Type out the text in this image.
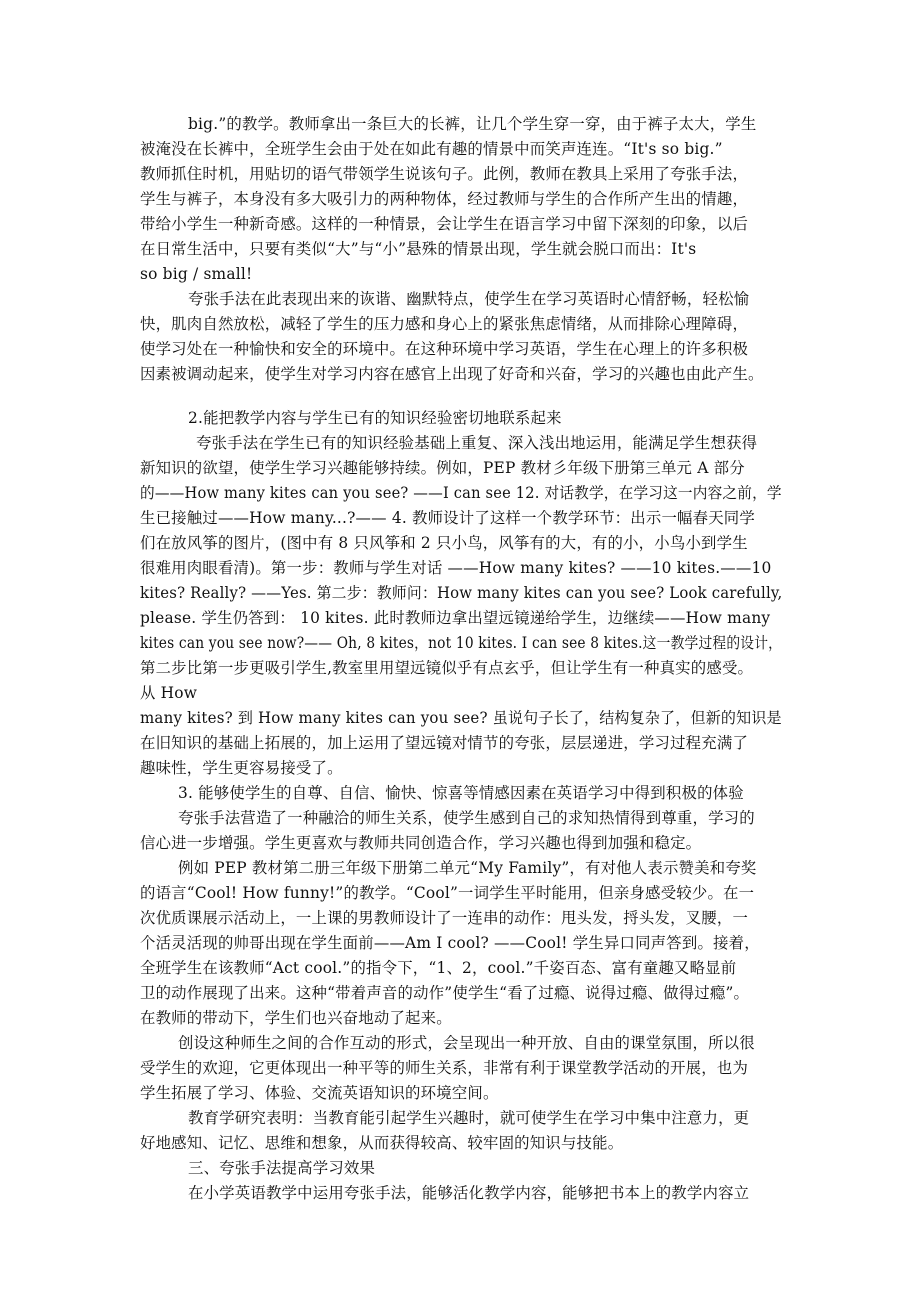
big.”的教学。教师拿出一条巨大的长裤，让几个学生穿一穿，由于裤子太大，学生
被淹没在长裤中，全班学生会由于处在如此有趣的情景中而笑声连连。“It's so big.”
教师抓住时机，用贴切的语气带领学生说该句子。此例，教师在教具上采用了夸张手法，
学生与裤子，本身没有多大吸引力的两种物体，经过教师与学生的合作所产生出的情趣，
带给小学生一种新奇感。这样的一种情景，会让学生在语言学习中留下深刻的印象，以后
在日常生活中，只要有类似“大”与“小”悬殊的情景出现，学生就会脱口而出：It's
so big / small!
夸张手法在此表现出来的诙谐、幽默特点，使学生在学习英语时心情舒畅，轻松愉
快，肌肉自然放松，减轻了学生的压力感和身心上的紧张焦虑情绪，从而排除心理障碍，
使学习处在一种愉快和安全的环境中。在这种环境中学习英语，学生在心理上的许多积极
因素被调动起来，使学生对学习内容在感官上出现了好奇和兴奋，学习的兴趣也由此产生。
2.能把教学内容与学生已有的知识经验密切地联系起来
夸张手法在学生已有的知识经验基础上重复、深入浅出地运用，能满足学生想获得
新知识的欲望，使学生学习兴趣能够持续。例如，PEP 教材彡年级下册第三单元 A 部分
的——How many kites can you see? ——I can see 12. 对话教学，在学习这一内容之前，学
生已接触过——How many...?—— 4. 教师设计了这样一个教学环节：出示一幅春天同学
们在放风筝的图片，(图中有 8 只风筝和 2 只小鸟，风筝有的大，有的小，小鸟小到学生
很难用肉眼看清)。第一步：教师与学生对话 ——How many kites? ——10 kites.——10
kites? Really? ——Yes. 第二步：教师问：How many kites can you see? Look carefully,
please. 学生仍答到： 10 kites. 此时教师边拿出望远镜递给学生，边继续——How many
kites can you see now?—— Oh, 8 kites，not 10 kites. I can see 8 kites.这一教学过程的设计，
第二步比第一步更吸引学生,教室里用望远镜似乎有点玄乎，但让学生有一种真实的感受。
从 How
many kites? 到 How many kites can you see? 虽说句子长了，结构复杂了，但新的知识是
在旧知识的基础上拓展的，加上运用了望远镜对情节的夸张，层层递进，学习过程充满了
趣味性，学生更容易接受了。
3. 能够使学生的自尊、自信、愉快、惊喜等情感因素在英语学习中得到积极的体验
夸张手法营造了一种融洽的师生关系，使学生感到自己的求知热情得到尊重，学习的
信心进一步增强。学生更喜欢与教师共同创造合作，学习兴趣也得到加强和稳定。
例如 PEP 教材第二册三年级下册第二单元“My Family”，有对他人表示赞美和夸奖
的语言“Cool! How funny!”的教学。“Cool”一词学生平时能用，但亲身感受较少。在一
次优质课展示活动上，一上课的男教师设计了一连串的动作：甩头发，捋头发，叉腰，一
个活灵活现的帅哥出现在学生面前——Am I cool? ——Cool! 学生异口同声答到。接着，
全班学生在该教师“Act cool.”的指令下，“1、2，cool.”千姿百态、富有童趣又略显前
卫的动作展现了出来。这种“带着声音的动作”使学生“看了过瘾、说得过瘾、做得过瘾”。
在教师的带动下，学生们也兴奋地动了起来。
创设这种师生之间的合作互动的形式，会呈现出一种开放、自由的课堂氛围，所以很
受学生的欢迎，它更体现出一种平等的师生关系，非常有利于课堂教学活动的开展，也为
学生拓展了学习、体验、交流英语知识的环境空间。
教育学研究表明：当教育能引起学生兴趣时，就可使学生在学习中集中注意力，更
好地感知、记忆、思维和想象，从而获得较高、较牢固的知识与技能。
三、夸张手法提高学习效果
在小学英语教学中运用夸张手法，能够活化教学内容，能够把书本上的教学内容立
